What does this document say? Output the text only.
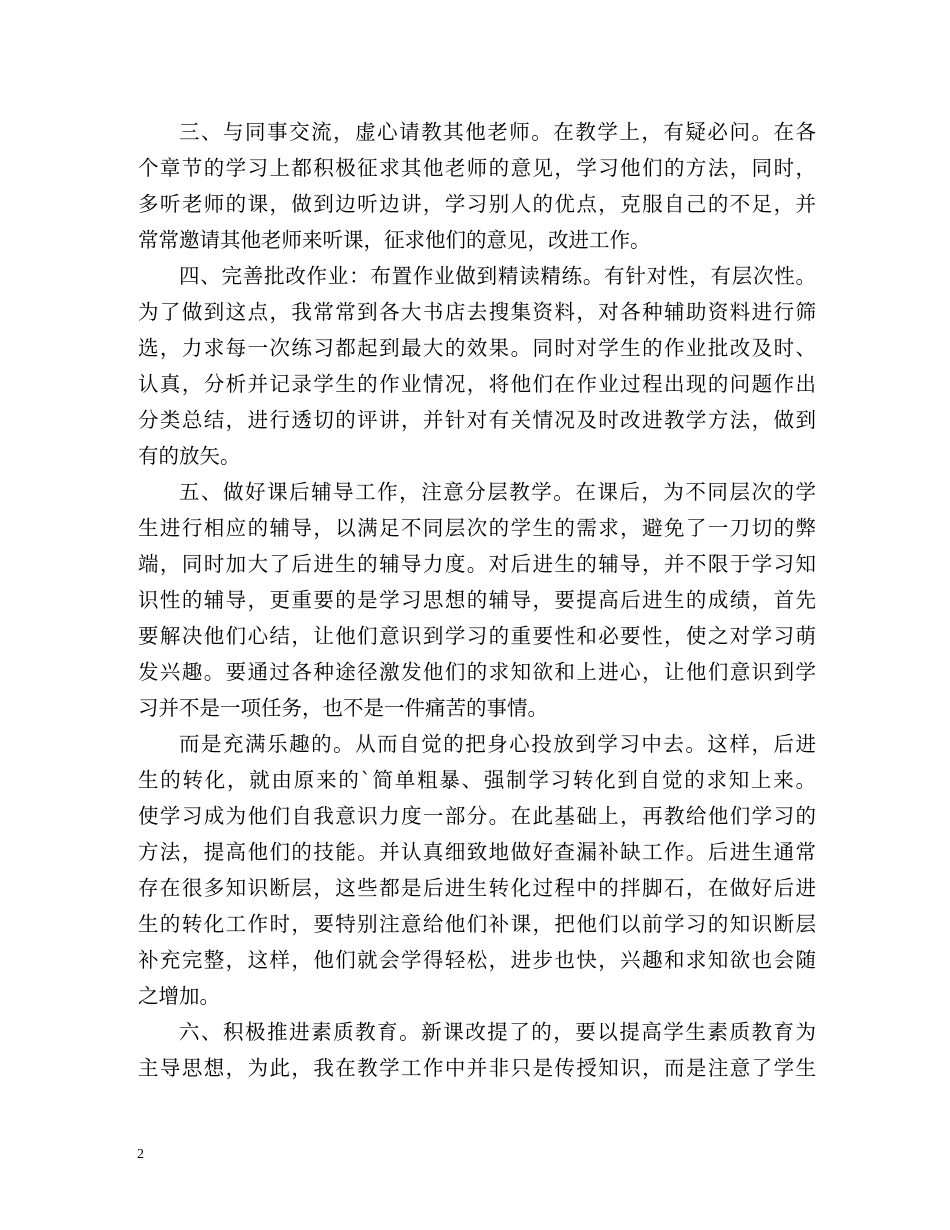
三、与同事交流，虚心请教其他老师。在教学上，有疑必问。在各
个章节的学习上都积极征求其他老师的意见，学习他们的方法，同时，
多听老师的课，做到边听边讲，学习别人的优点，克服自己的不足，并
常常邀请其他老师来听课，征求他们的意见，改进工作。
四、完善批改作业：布置作业做到精读精练。有针对性，有层次性。
为了做到这点，我常常到各大书店去搜集资料，对各种辅助资料进行筛
选，力求每一次练习都起到最大的效果。同时对学生的作业批改及时、
认真，分析并记录学生的作业情况，将他们在作业过程出现的问题作出
分类总结，进行透切的评讲，并针对有关情况及时改进教学方法，做到
有的放矢。
五、做好课后辅导工作，注意分层教学。在课后，为不同层次的学
生进行相应的辅导，以满足不同层次的学生的需求，避免了一刀切的弊
端，同时加大了后进生的辅导力度。对后进生的辅导，并不限于学习知
识性的辅导，更重要的是学习思想的辅导，要提高后进生的成绩，首先
要解决他们心结，让他们意识到学习的重要性和必要性，使之对学习萌
发兴趣。要通过各种途径激发他们的求知欲和上进心，让他们意识到学
习并不是一项任务，也不是一件痛苦的事情。
而是充满乐趣的。从而自觉的把身心投放到学习中去。这样，后进
生的转化，就由原来的`简单粗暴、强制学习转化到自觉的求知上来。
使学习成为他们自我意识力度一部分。在此基础上，再教给他们学习的
方法，提高他们的技能。并认真细致地做好查漏补缺工作。后进生通常
存在很多知识断层，这些都是后进生转化过程中的拌脚石，在做好后进
生的转化工作时，要特别注意给他们补课，把他们以前学习的知识断层
补充完整，这样，他们就会学得轻松，进步也快，兴趣和求知欲也会随
之增加。
六、积极推进素质教育。新课改提了的，要以提高学生素质教育为
主导思想，为此，我在教学工作中并非只是传授知识，而是注意了学生
2
